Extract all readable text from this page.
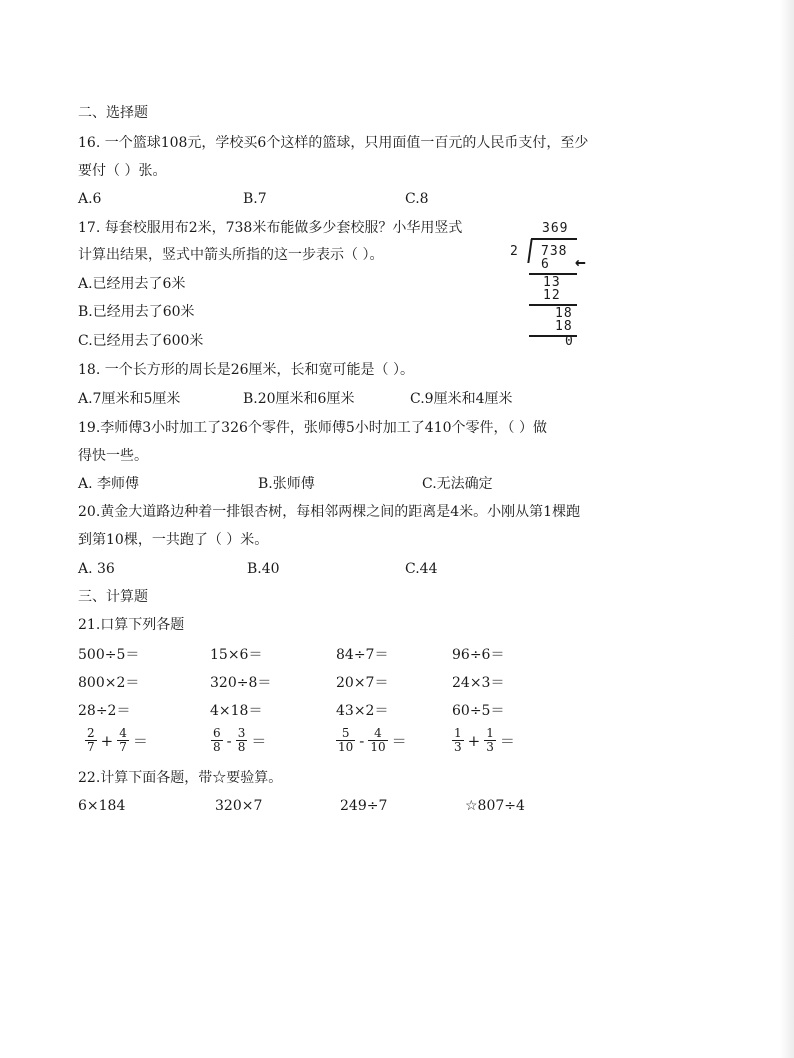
二、选择题
16. 一个篮球108元，学校买6个这样的篮球，只用面值一百元的人民币支付，至少
要付（ ）张。
A.6	B.7	C.8
17. 每套校服用布2米，738米布能做多少套校服？小华用竖式
计算出结果，竖式中箭头所指的这一步表示（ ）。
A.已经用去了6米
B.已经用去了60米
C.已经用去了600米
369
2 738
6 ←
13
12
18
18
0
18. 一个长方形的周长是26厘米，长和宽可能是（ ）。
A.7厘米和5厘米	B.20厘米和6厘米	C.9厘米和4厘米
19.李师傅3小时加工了326个零件，张师傅5小时加工了410个零件，（ ）做
得快一些。
A. 李师傅	B.张师傅	C.无法确定
20.黄金大道路边种着一排银杏树，每相邻两棵之间的距离是4米。小刚从第1棵跑
到第10棵，一共跑了（ ）米。
A. 36	B.40	C.44
三、计算题
21.口算下列各题
500÷5＝	15×6＝	84÷7＝	96÷6＝
800×2＝	320÷8＝	20×7＝	24×3＝
28÷2＝	4×18＝	43×2＝	60÷5＝
$\frac{2}{7} + \frac{4}{7}$ ＝	$\frac{6}{8} - \frac{3}{8}$ ＝	$\frac{5}{10} - \frac{4}{10}$ ＝	$\frac{1}{3} + \frac{1}{3}$ ＝
22.计算下面各题，带☆要验算。
6×184	320×7	249÷7	☆807÷4
